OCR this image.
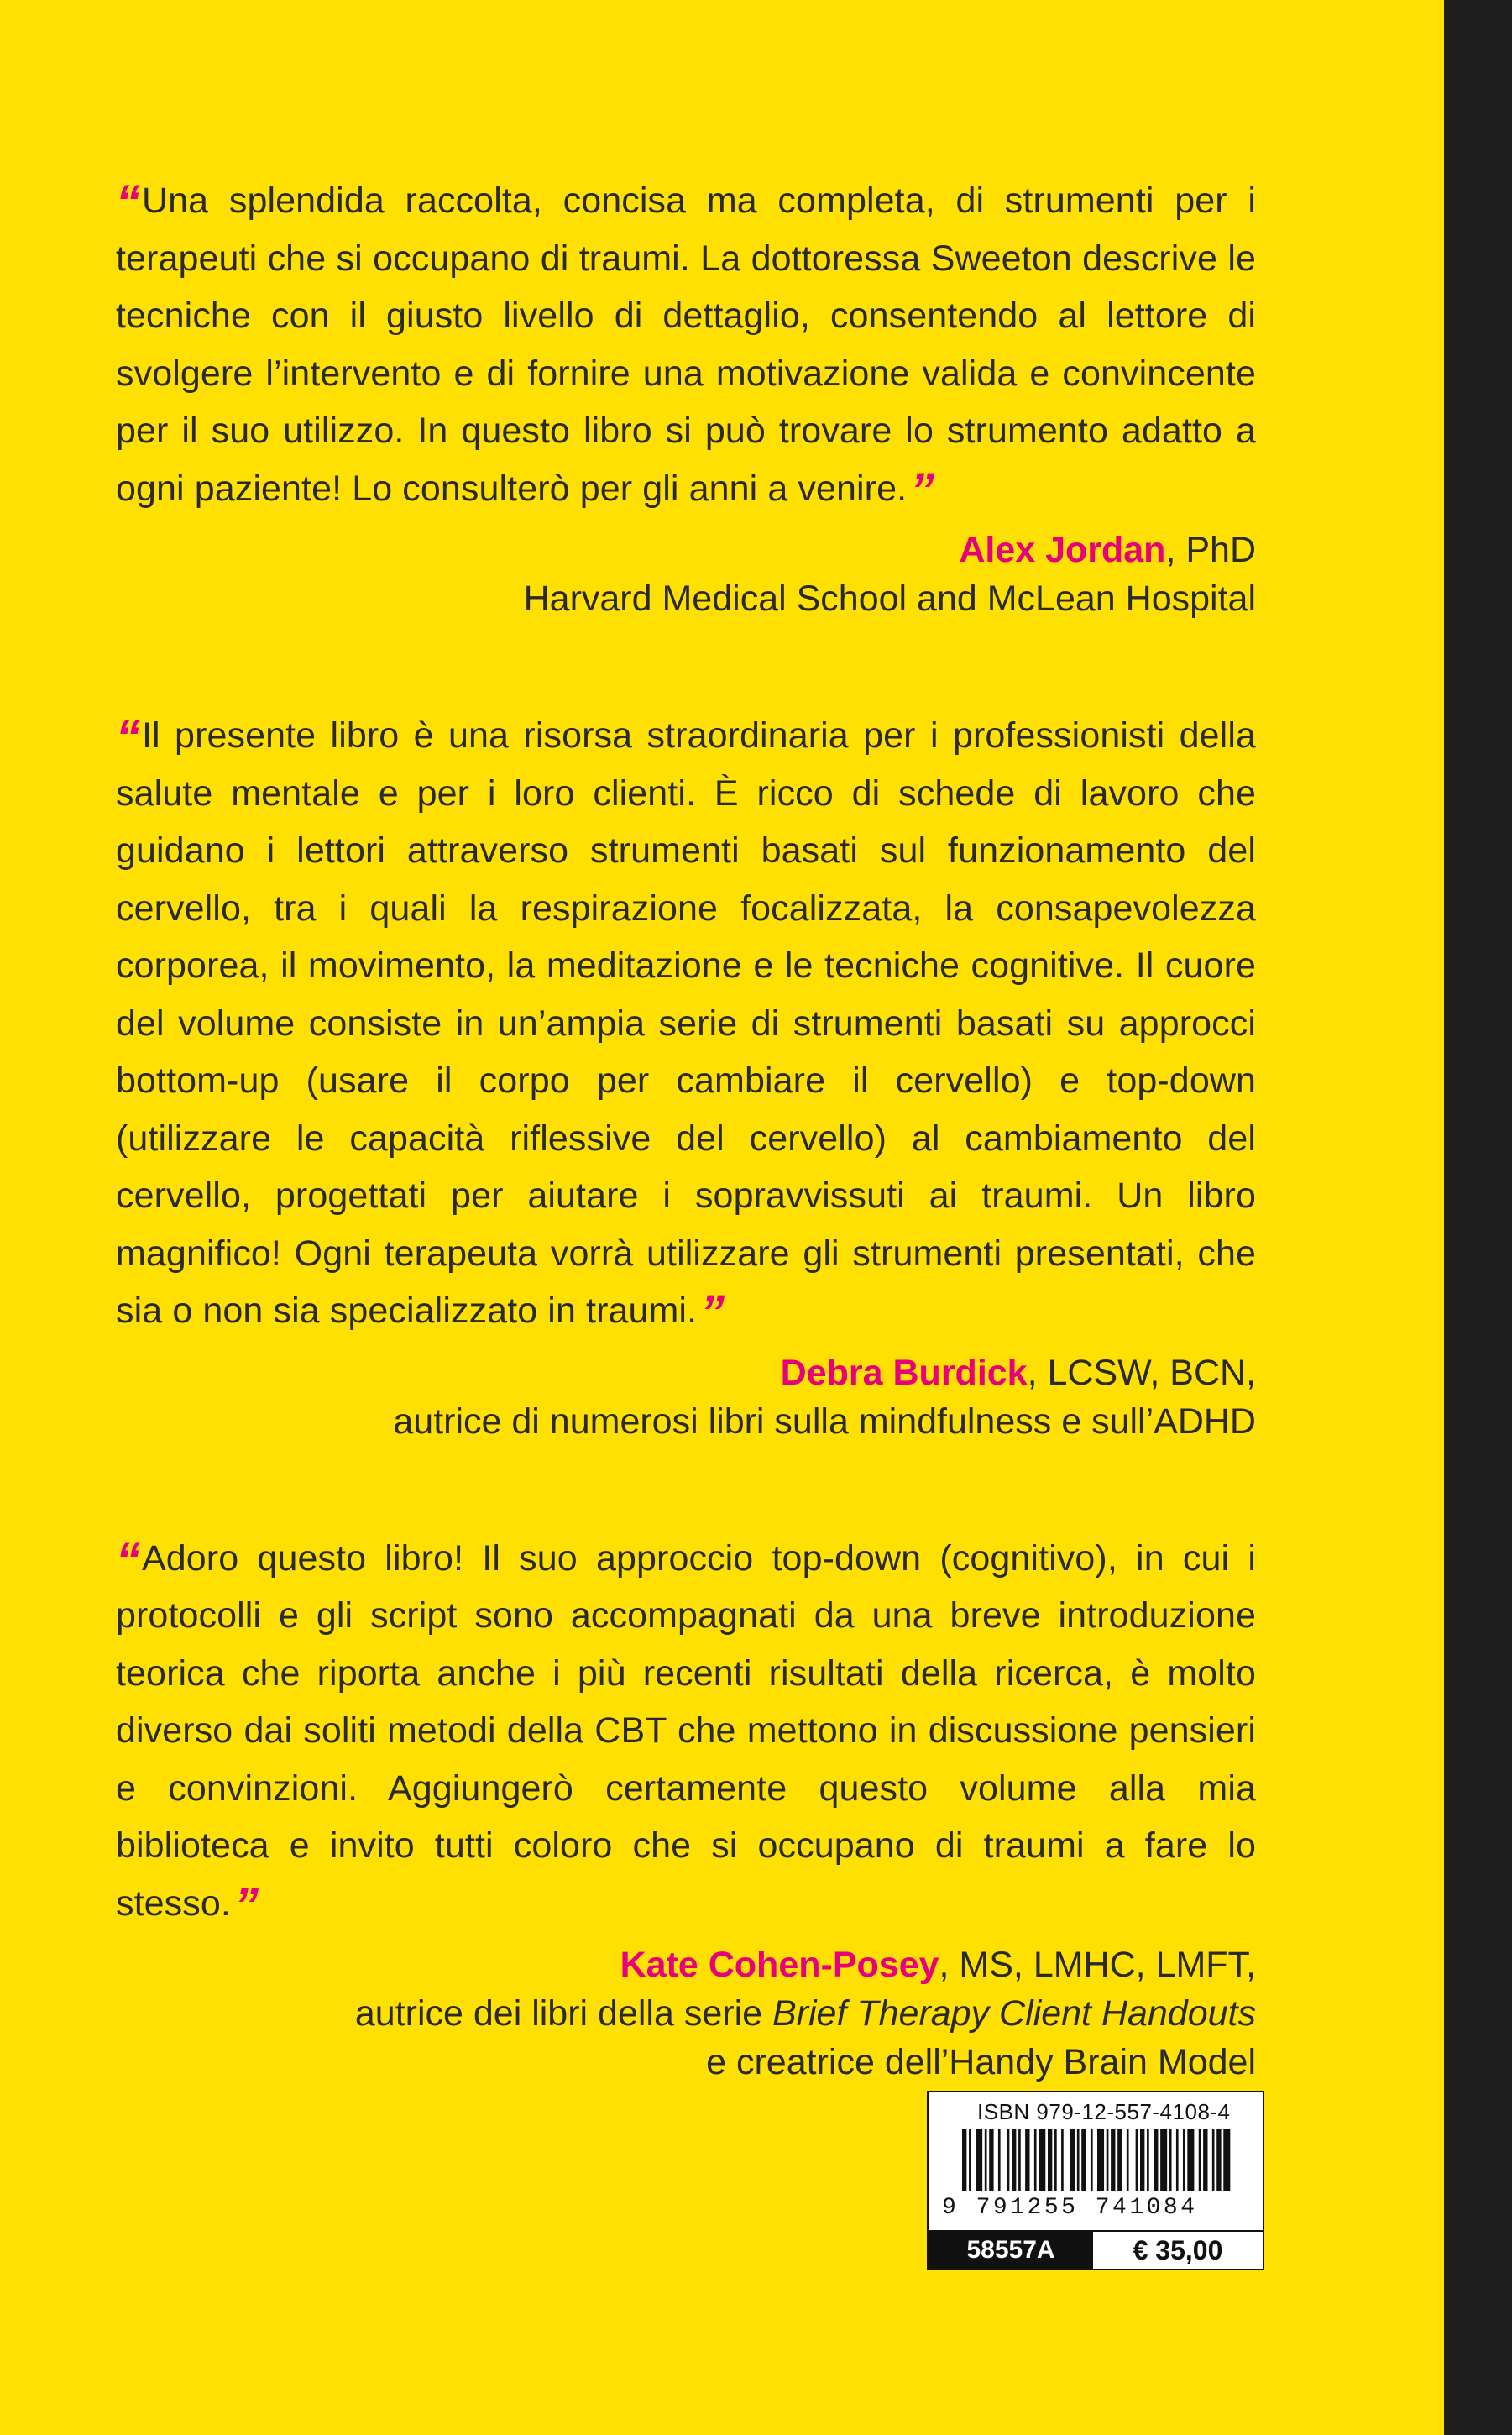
“ Una splendida raccolta, concisa ma completa, di strumenti per i terapeuti che si occupano di traumi. La dottoressa Sweeton descrive le tecniche con il giusto livello di dettaglio, consentendo al lettore di svolgere l’intervento e di fornire una motivazione valida e convincente per il suo utilizzo. In questo libro si può trovare lo strumento adatto a ogni paziente! Lo consulterò per gli anni a venire.”

Alex Jordan, PhD
Harvard Medical School and McLean Hospital

“ Il presente libro è una risorsa straordinaria per i professionisti della salute mentale e per i loro clienti. È ricco di schede di lavoro che guidano i lettori attraverso strumenti basati sul funzionamento del cervello, tra i quali la respirazione focalizzata, la consapevolezza corporea, il movimento, la meditazione e le tecniche cognitive. Il cuore del volume consiste in un’ampia serie di strumenti basati su approcci bottom-up (usare il corpo per cambiare il cervello) e top-down (utilizzare le capacità riflessive del cervello) al cambiamento del cervello, progettati per aiutare i sopravvissuti ai traumi. Un libro magnifico! Ogni terapeuta vorrà utilizzare gli strumenti presentati, che sia o non sia specializzato in traumi.”

Debra Burdick, LCSW, BCN,
autrice di numerosi libri sulla mindfulness e sull’ADHD

“ Adoro questo libro! Il suo approccio top-down (cognitivo), in cui i protocolli e gli script sono accompagnati da una breve introduzione teorica che riporta anche i più recenti risultati della ricerca, è molto diverso dai soliti metodi della CBT che mettono in discussione pensieri e convinzioni. Aggiungerò certamente questo volume alla mia biblioteca e invito tutti coloro che si occupano di traumi a fare lo stesso.”

Kate Cohen-Posey, MS, LMHC, LMFT,
autrice dei libri della serie Brief Therapy Client Handouts
e creatrice dell’Handy Brain Model
ISBN 979-12-557-4108-4
9 791255 741084
58557A	€ 35,00
